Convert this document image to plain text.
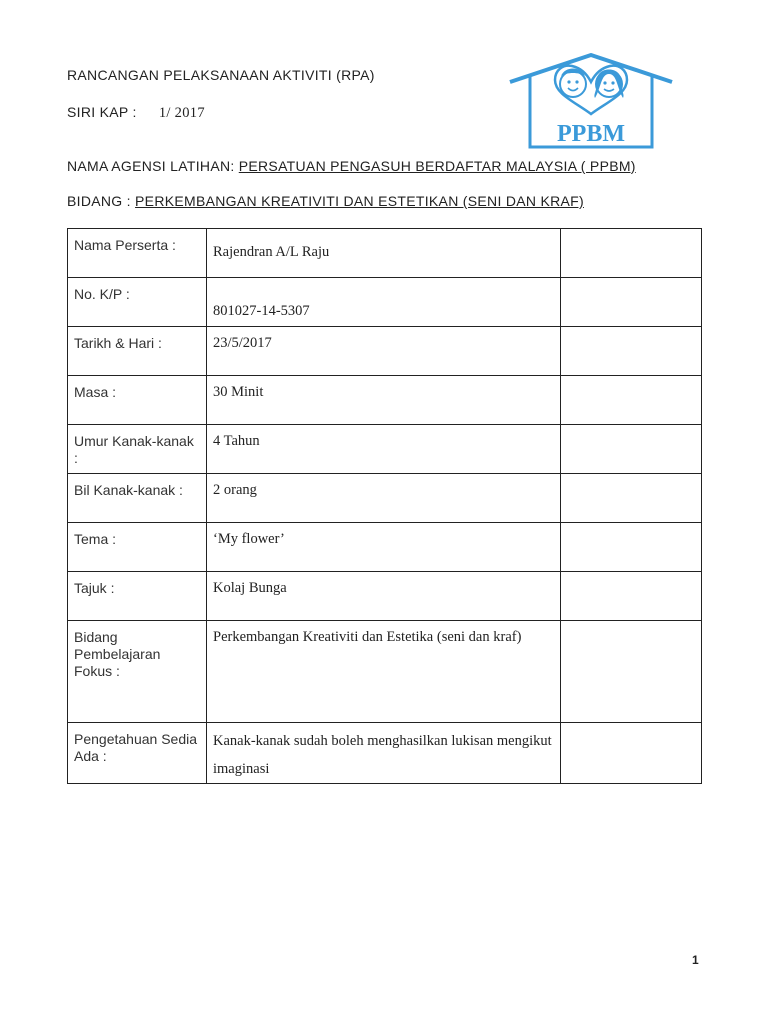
RANCANGAN PELAKSANAAN AKTIVITI (RPA)
SIRI KAP : 1/ 2017
NAMA AGENSI LATIHAN: PERSATUAN PENGASUH BERDAFTAR MALAYSIA ( PPBM)
BIDANG : PERKEMBANGAN KREATIVITI DAN ESTETIKAN (SENI DAN KRAF)
PPBM
Nama Perserta :	Rajendran A/L Raju	
No. K/P :	801027-14-5307	
Tarikh & Hari :	23/5/2017	
Masa :	30 Minit	
Umur Kanak-kanak :	4 Tahun	
Bil Kanak-kanak :	2 orang	
Tema :	‘My flower’	
Tajuk :	Kolaj Bunga	
Bidang Pembelajaran Fokus :	Perkembangan Kreativiti dan Estetika (seni dan kraf)	
Pengetahuan Sedia Ada :	Kanak-kanak sudah boleh menghasilkan lukisan mengikut imaginasi	
1
